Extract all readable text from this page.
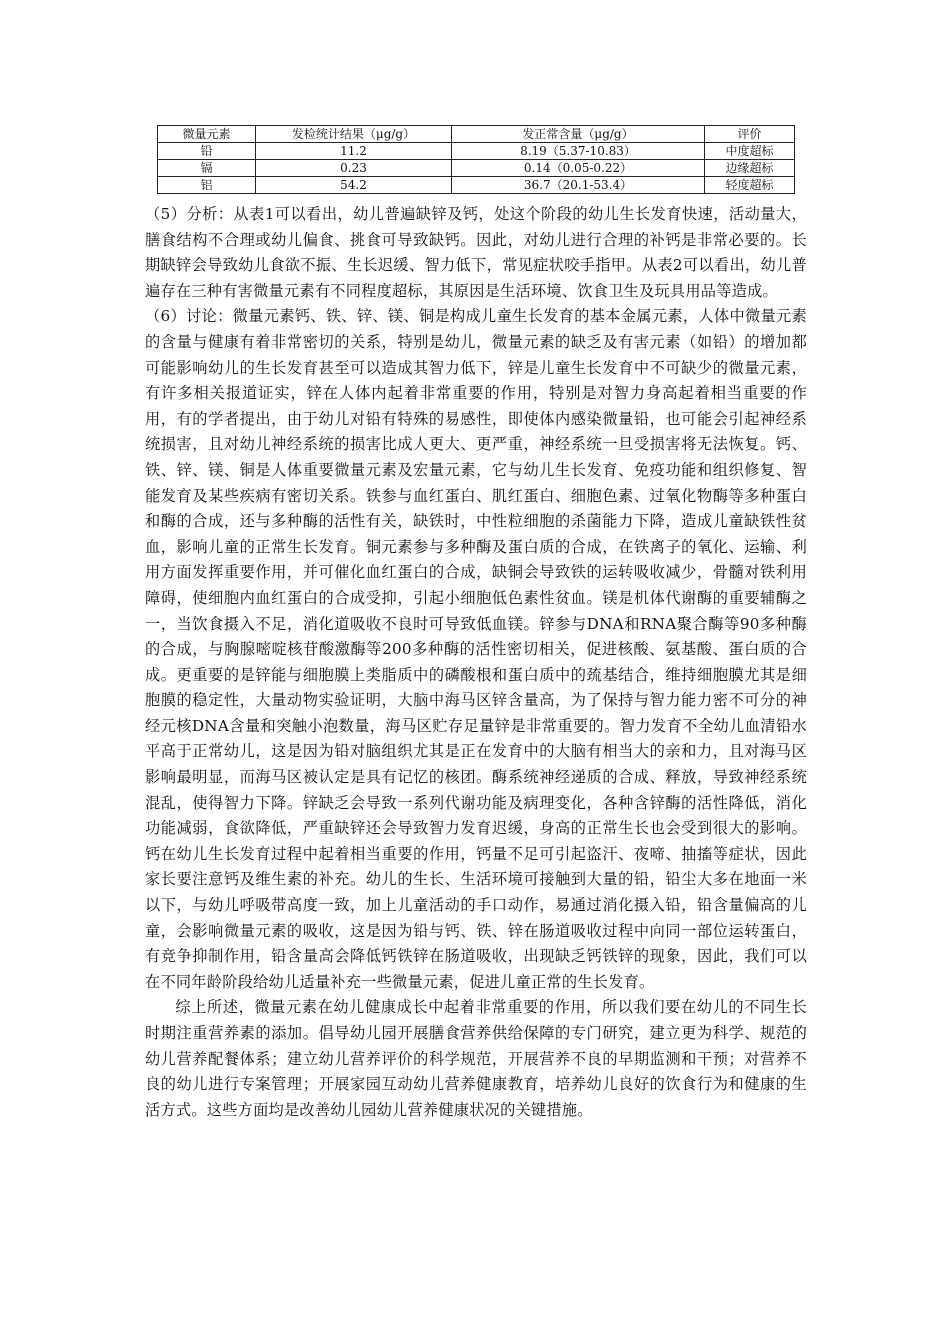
微量元素	发检统计结果（μg/g）	发正常含量（μg/g）	评价
铅	11.2	8.19（5.37-10.83）	中度超标
镉	0.23	0.14（0.05-0.22）	边缘超标
铝	54.2	36.7（20.1-53.4）	轻度超标

（5）分析：从表1可以看出，幼儿普遍缺锌及钙，处这个阶段的幼儿生长发育快速，活动量大，膳食结构不合理或幼儿偏食、挑食可导致缺钙。因此，对幼儿进行合理的补钙是非常必要的。长期缺锌会导致幼儿食欲不振、生长迟缓、智力低下，常见症状咬手指甲。从表2可以看出，幼儿普遍存在三种有害微量元素有不同程度超标，其原因是生活环境、饮食卫生及玩具用品等造成。

（6）讨论：微量元素钙、铁、锌、镁、铜是构成儿童生长发育的基本金属元素，人体中微量元素的含量与健康有着非常密切的关系，特别是幼儿，微量元素的缺乏及有害元素（如铅）的增加都可能影响幼儿的生长发育甚至可以造成其智力低下，锌是儿童生长发育中不可缺少的微量元素，有许多相关报道证实，锌在人体内起着非常重要的作用，特别是对智力身高起着相当重要的作用，有的学者提出，由于幼儿对铅有特殊的易感性，即使体内感染微量铅，也可能会引起神经系统损害，且对幼儿神经系统的损害比成人更大、更严重，神经系统一旦受损害将无法恢复。钙、铁、锌、镁、铜是人体重要微量元素及宏量元素，它与幼儿生长发育、免疫功能和组织修复、智能发育及某些疾病有密切关系。铁参与血红蛋白、肌红蛋白、细胞色素、过氧化物酶等多种蛋白和酶的合成，还与多种酶的活性有关，缺铁时，中性粒细胞的杀菌能力下降，造成儿童缺铁性贫血，影响儿童的正常生长发育。铜元素参与多种酶及蛋白质的合成，在铁离子的氧化、运输、利用方面发挥重要作用，并可催化血红蛋白的合成，缺铜会导致铁的运转吸收减少，骨髓对铁利用障碍，使细胞内血红蛋白的合成受抑，引起小细胞低色素性贫血。镁是机体代谢酶的重要辅酶之一，当饮食摄入不足，消化道吸收不良时可导致低血镁。锌参与DNA和RNA聚合酶等90多种酶的合成，与胸腺嘧啶核苷酸激酶等200多种酶的活性密切相关，促进核酸、氨基酸、蛋白质的合成。更重要的是锌能与细胞膜上类脂质中的磷酸根和蛋白质中的巯基结合，维持细胞膜尤其是细胞膜的稳定性，大量动物实验证明，大脑中海马区锌含量高，为了保持与智力能力密不可分的神经元核DNA含量和突触小泡数量，海马区贮存足量锌是非常重要的。智力发育不全幼儿血清铅水平高于正常幼儿，这是因为铅对脑组织尤其是正在发育中的大脑有相当大的亲和力，且对海马区影响最明显，而海马区被认定是具有记忆的核团。酶系统神经递质的合成、释放，导致神经系统混乱，使得智力下降。锌缺乏会导致一系列代谢功能及病理变化，各种含锌酶的活性降低，消化功能减弱，食欲降低，严重缺锌还会导致智力发育迟缓，身高的正常生长也会受到很大的影响。钙在幼儿生长发育过程中起着相当重要的作用，钙量不足可引起盗汗、夜啼、抽搐等症状，因此家长要注意钙及维生素的补充。幼儿的生长、生活环境可接触到大量的铅，铅尘大多在地面一米以下，与幼儿呼吸带高度一致，加上儿童活动的手口动作，易通过消化摄入铅，铅含量偏高的儿童，会影响微量元素的吸收，这是因为铅与钙、铁、锌在肠道吸收过程中向同一部位运转蛋白，有竞争抑制作用，铅含量高会降低钙铁锌在肠道吸收，出现缺乏钙铁锌的现象，因此，我们可以在不同年龄阶段给幼儿适量补充一些微量元素，促进儿童正常的生长发育。

综上所述，微量元素在幼儿健康成长中起着非常重要的作用，所以我们要在幼儿的不同生长时期注重营养素的添加。倡导幼儿园开展膳食营养供给保障的专门研究，建立更为科学、规范的幼儿营养配餐体系；建立幼儿营养评价的科学规范，开展营养不良的早期监测和干预；对营养不良的幼儿进行专案管理；开展家园互动幼儿营养健康教育，培养幼儿良好的饮食行为和健康的生活方式。这些方面均是改善幼儿园幼儿营养健康状况的关键措施。
